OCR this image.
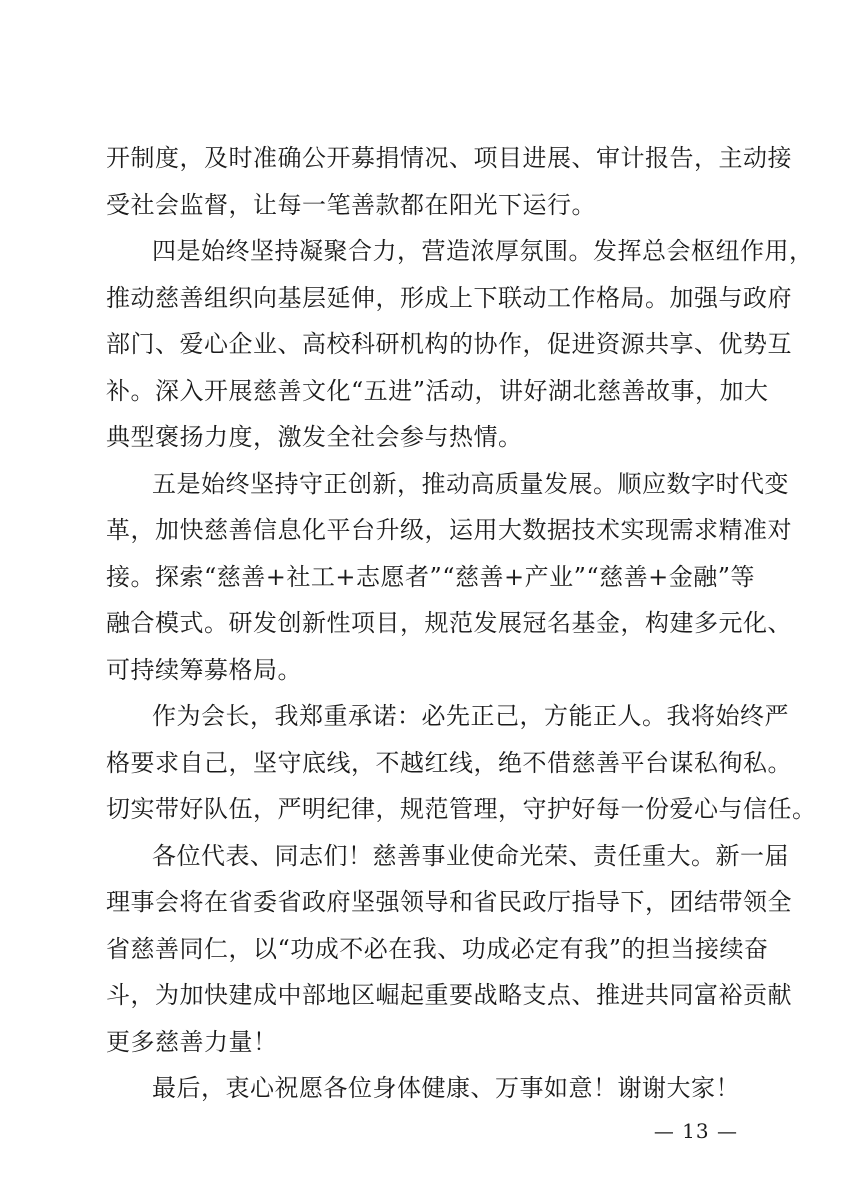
开制度，及时准确公开募捐情况、项目进展、审计报告，主动接
受社会监督，让每一笔善款都在阳光下运行。
四是始终坚持凝聚合力，营造浓厚氛围。发挥总会枢纽作用，
推动慈善组织向基层延伸，形成上下联动工作格局。加强与政府
部门、爱心企业、高校科研机构的协作，促进资源共享、优势互
补。深入开展慈善文化“五进”活动，讲好湖北慈善故事，加大
典型褒扬力度，激发全社会参与热情。
五是始终坚持守正创新，推动高质量发展。顺应数字时代变
革，加快慈善信息化平台升级，运用大数据技术实现需求精准对
接。探索“慈善+社工+志愿者”“慈善+产业”“慈善+金融”等
融合模式。研发创新性项目，规范发展冠名基金，构建多元化、
可持续筹募格局。
作为会长，我郑重承诺：必先正己，方能正人。我将始终严
格要求自己，坚守底线，不越红线，绝不借慈善平台谋私徇私。
切实带好队伍，严明纪律，规范管理，守护好每一份爱心与信任。
各位代表、同志们！慈善事业使命光荣、责任重大。新一届
理事会将在省委省政府坚强领导和省民政厅指导下，团结带领全
省慈善同仁，以“功成不必在我、功成必定有我”的担当接续奋
斗，为加快建成中部地区崛起重要战略支点、推进共同富裕贡献
更多慈善力量！
最后，衷心祝愿各位身体健康、万事如意！谢谢大家！
— 13 —
